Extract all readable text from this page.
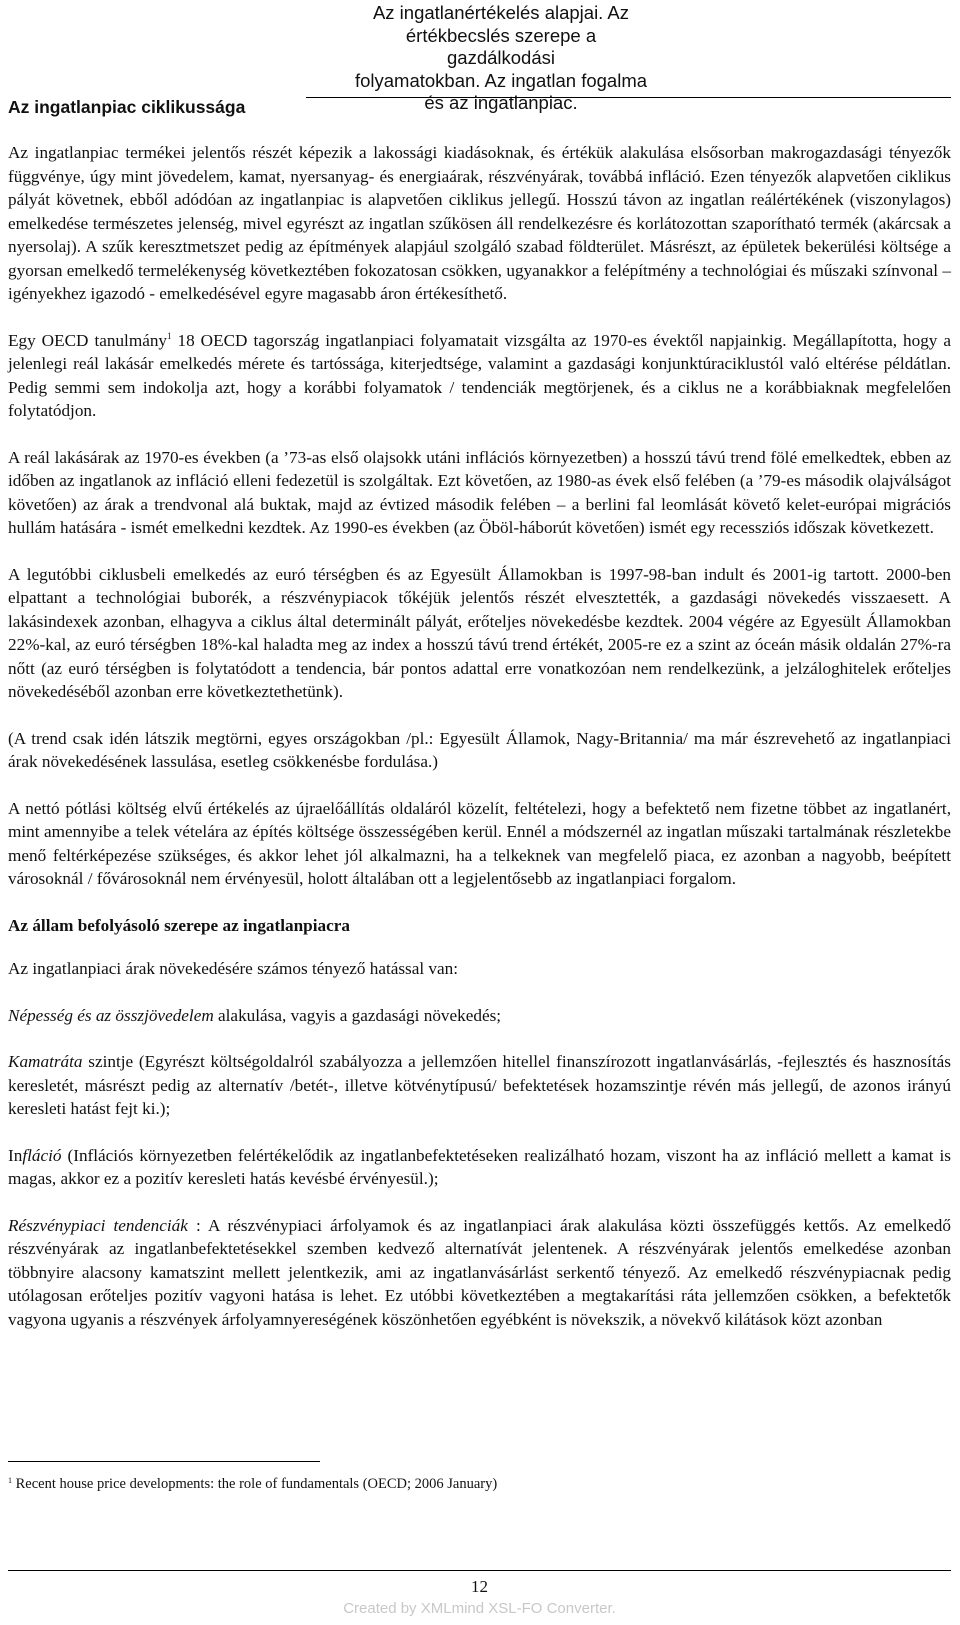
Az ingatlanértékelés alapjai. Az
értékbecslés szerepe a gazdálkodási
folyamatokban. Az ingatlan fogalma
és az ingatlanpiac.
Az ingatlanpiac ciklikussága

Az ingatlanpiac termékei jelentős részét képezik a lakossági kiadásoknak, és értékük alakulása elsősorban makrogazdasági tényezők függvénye, úgy mint jövedelem, kamat, nyersanyag- és energiaárak, részvényárak, továbbá infláció. Ezen tényezők alapvetően ciklikus pályát követnek, ebből adódóan az ingatlanpiac is alapvetően ciklikus jellegű. Hosszú távon az ingatlan reálértékének (viszonylagos) emelkedése természetes jelenség, mivel egyrészt az ingatlan szűkösen áll rendelkezésre és korlátozottan szaporítható termék (akárcsak a nyersolaj). A szűk keresztmetszet pedig az építmények alapjául szolgáló szabad földterület. Másrészt, az épületek bekerülési költsége a gyorsan emelkedő termelékenység következtében fokozatosan csökken, ugyanakkor a felépítmény a technológiai és műszaki színvonal – igényekhez igazodó - emelkedésével egyre magasabb áron értékesíthető.

Egy OECD tanulmány$^1$ 18 OECD tagország ingatlanpiaci folyamatait vizsgálta az 1970-es évektől napjainkig. Megállapította, hogy a jelenlegi reál lakásár emelkedés mérete és tartóssága, kiterjedtsége, valamint a gazdasági konjunktúraciklustól való eltérése példátlan. Pedig semmi sem indokolja azt, hogy a korábbi folyamatok / tendenciák megtörjenek, és a ciklus ne a korábbiaknak megfelelően folytatódjon.

A reál lakásárak az 1970-es években (a ’73-as első olajsokk utáni inflációs környezetben) a hosszú távú trend fölé emelkedtek, ebben az időben az ingatlanok az infláció elleni fedezetül is szolgáltak. Ezt követően, az 1980-as évek első felében (a ’79-es második olajválságot követően) az árak a trendvonal alá buktak, majd az évtized második felében – a berlini fal leomlását követő kelet-európai migrációs hullám hatására - ismét emelkedni kezdtek. Az 1990-es években (az Öböl-háborút követően) ismét egy recessziós időszak következett.

A legutóbbi ciklusbeli emelkedés az euró térségben és az Egyesült Államokban is 1997-98-ban indult és 2001-ig tartott. 2000-ben elpattant a technológiai buborék, a részvénypiacok tőkéjük jelentős részét elvesztették, a gazdasági növekedés visszaesett. A lakásindexek azonban, elhagyva a ciklus által determinált pályát, erőteljes növekedésbe kezdtek. 2004 végére az Egyesült Államokban 22%-kal, az euró térségben 18%-kal haladta meg az index a hosszú távú trend értékét, 2005-re ez a szint az óceán másik oldalán 27%-ra nőtt (az euró térségben is folytatódott a tendencia, bár pontos adattal erre vonatkozóan nem rendelkezünk, a jelzáloghitelek erőteljes növekedéséből azonban erre következtethetünk).

(A trend csak idén látszik megtörni, egyes országokban /pl.: Egyesült Államok, Nagy-Britannia/ ma már észrevehető az ingatlanpiaci árak növekedésének lassulása, esetleg csökkenésbe fordulása.)

A nettó pótlási költség elvű értékelés az újraelőállítás oldaláról közelít, feltételezi, hogy a befektető nem fizetne többet az ingatlanért, mint amennyibe a telek vételára az építés költsége összességében kerül. Ennél a módszernél az ingatlan műszaki tartalmának részletekbe menő feltérképezése szükséges, és akkor lehet jól alkalmazni, ha a telkeknek van megfelelő piaca, ez azonban a nagyobb, beépített városoknál / fővárosoknál nem érvényesül, holott általában ott a legjelentősebb az ingatlanpiaci forgalom.

Az állam befolyásoló szerepe az ingatlanpiacra

Az ingatlanpiaci árak növekedésére számos tényező hatással van:

Népesség és az összjövedelem alakulása, vagyis a gazdasági növekedés;

Kamatráta szintje (Egyrészt költségoldalról szabályozza a jellemzően hitellel finanszírozott ingatlanvásárlás, -fejlesztés és hasznosítás keresletét, másrészt pedig az alternatív /betét-, illetve kötvénytípusú/ befektetések hozamszintje révén más jellegű, de azonos irányú keresleti hatást fejt ki.);

Infláció (Inflációs környezetben felértékelődik az ingatlanbefektetéseken realizálható hozam, viszont ha az infláció mellett a kamat is magas, akkor ez a pozitív keresleti hatás kevésbé érvényesül.);

Részvénypiaci tendenciák : A részvénypiaci árfolyamok és az ingatlanpiaci árak alakulása közti összefüggés kettős. Az emelkedő részvényárak az ingatlanbefektetésekkel szemben kedvező alternatívát jelentenek. A részvényárak jelentős emelkedése azonban többnyire alacsony kamatszint mellett jelentkezik, ami az ingatlanvásárlást serkentő tényező. Az emelkedő részvénypiacnak pedig utólagosan erőteljes pozitív vagyoni hatása is lehet. Ez utóbbi következtében a megtakarítási ráta jellemzően csökken, a befektetők vagyona ugyanis a részvények árfolyamnyereségének köszönhetően egyébként is növekszik, a növekvő kilátások közt azonban

$^1$ Recent house price developments: the role of fundamentals (OECD; 2006 January)
12
Created by XMLmind XSL-FO Converter.
